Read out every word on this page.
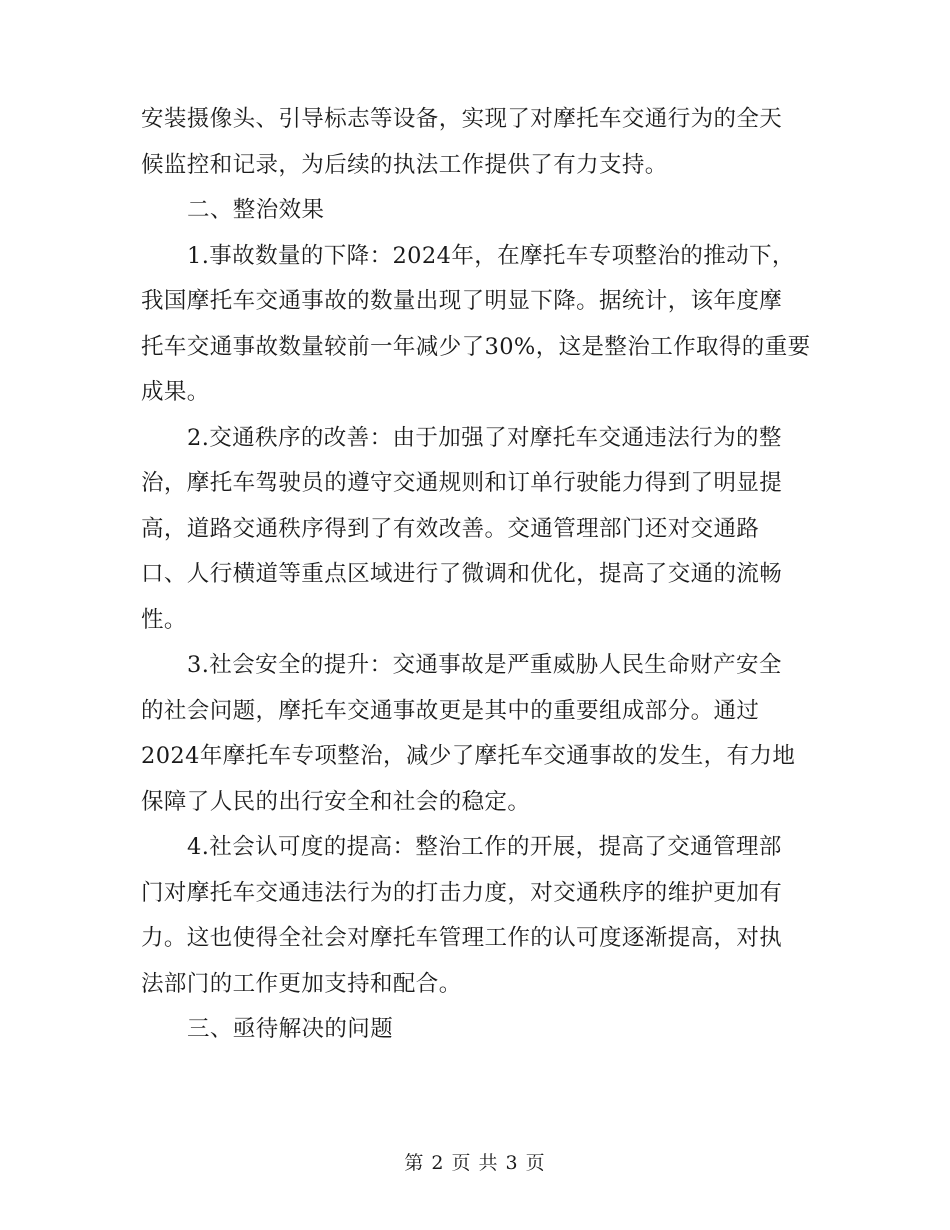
安装摄像头、引导标志等设备，实现了对摩托车交通行为的全天
候监控和记录，为后续的执法工作提供了有力支持。
二、整治效果
1.事故数量的下降：2024年，在摩托车专项整治的推动下，
我国摩托车交通事故的数量出现了明显下降。据统计，该年度摩
托车交通事故数量较前一年减少了30%，这是整治工作取得的重要
成果。
2.交通秩序的改善：由于加强了对摩托车交通违法行为的整
治，摩托车驾驶员的遵守交通规则和订单行驶能力得到了明显提
高，道路交通秩序得到了有效改善。交通管理部门还对交通路
口、人行横道等重点区域进行了微调和优化，提高了交通的流畅
性。
3.社会安全的提升：交通事故是严重威胁人民生命财产安全
的社会问题，摩托车交通事故更是其中的重要组成部分。通过
2024年摩托车专项整治，减少了摩托车交通事故的发生，有力地
保障了人民的出行安全和社会的稳定。
4.社会认可度的提高：整治工作的开展，提高了交通管理部
门对摩托车交通违法行为的打击力度，对交通秩序的维护更加有
力。这也使得全社会对摩托车管理工作的认可度逐渐提高，对执
法部门的工作更加支持和配合。
三、亟待解决的问题
第 2 页 共 3 页
